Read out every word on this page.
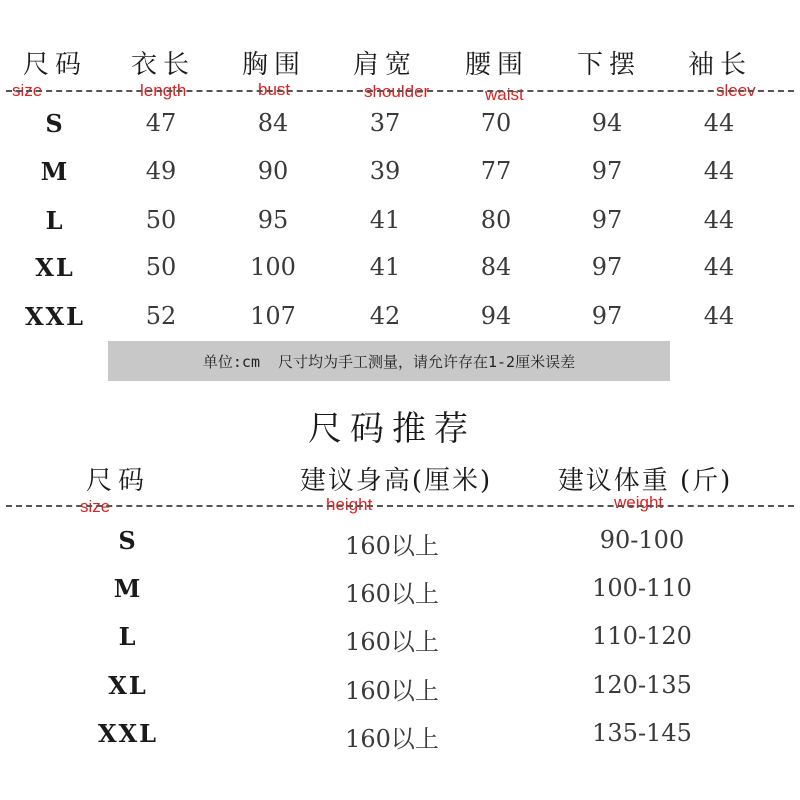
尺码 衣长 胸围 肩宽 腰围 下摆 袖长
size	length	bust	shoulder	waist	sleev
S	47	84	37	70	94	44
M	49	90	39	77	97	44
L	50	95	41	80	97	44
XL	50	100	41	84	97	44
XXL	52	107	42	94	97	44
单位:cm 尺寸均为手工测量，请允许存在1-2厘米误差
尺码推荐
尺码	建议身高(厘米)	建议体重 (斤)
size	height	weight
S	160以上	90-100
M	160以上	100-110
L	160以上	110-120
XL	160以上	120-135
XXL	160以上	135-145
